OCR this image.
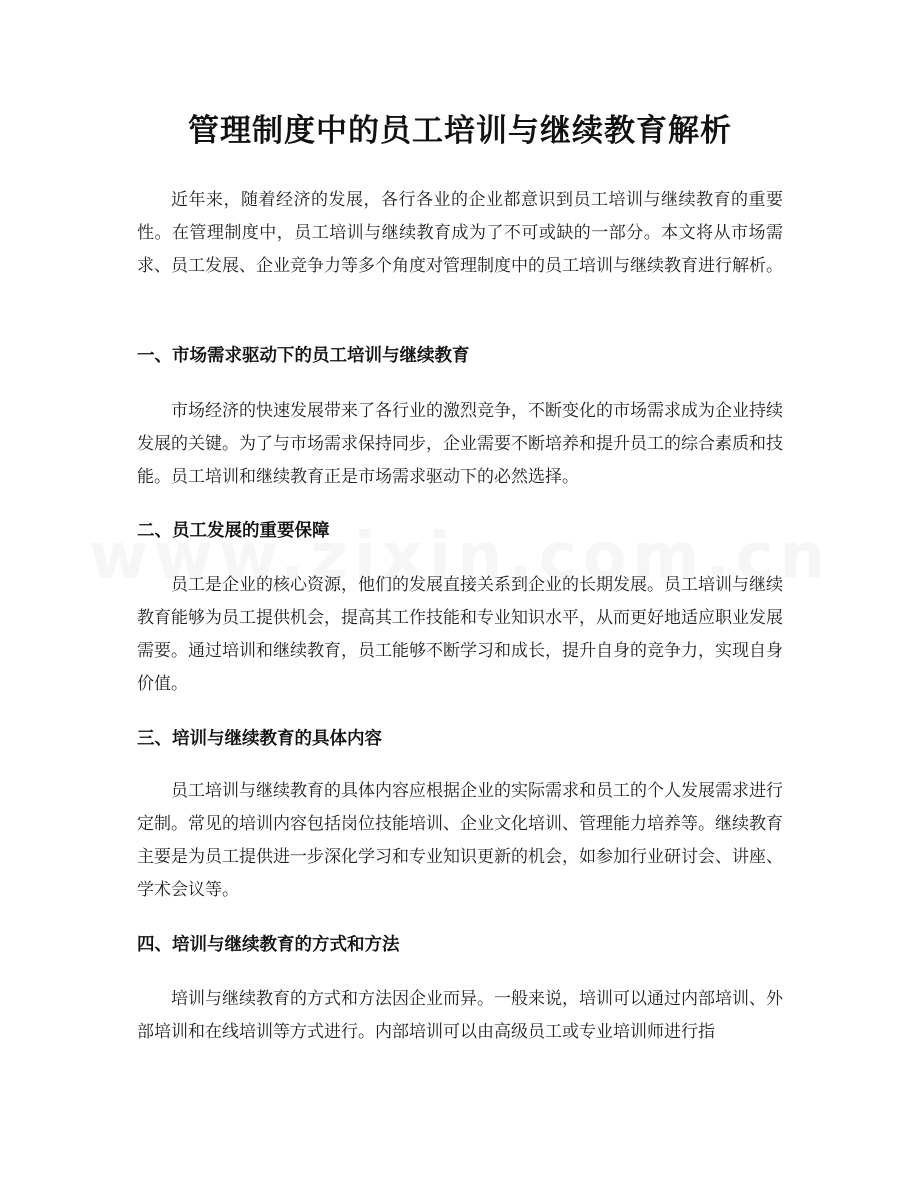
管理制度中的员工培训与继续教育解析

近年来，随着经济的发展，各行各业的企业都意识到员工培训与继续教育的重要性。在管理制度中，员工培训与继续教育成为了不可或缺的一部分。本文将从市场需求、员工发展、企业竞争力等多个角度对管理制度中的员工培训与继续教育进行解析。

一、市场需求驱动下的员工培训与继续教育

市场经济的快速发展带来了各行业的激烈竞争，不断变化的市场需求成为企业持续发展的关键。为了与市场需求保持同步，企业需要不断培养和提升员工的综合素质和技能。员工培训和继续教育正是市场需求驱动下的必然选择。

二、员工发展的重要保障

员工是企业的核心资源，他们的发展直接关系到企业的长期发展。员工培训与继续教育能够为员工提供机会，提高其工作技能和专业知识水平，从而更好地适应职业发展需要。通过培训和继续教育，员工能够不断学习和成长，提升自身的竞争力，实现自身价值。

三、培训与继续教育的具体内容

员工培训与继续教育的具体内容应根据企业的实际需求和员工的个人发展需求进行定制。常见的培训内容包括岗位技能培训、企业文化培训、管理能力培养等。继续教育主要是为员工提供进一步深化学习和专业知识更新的机会，如参加行业研讨会、讲座、学术会议等。

四、培训与继续教育的方式和方法

培训与继续教育的方式和方法因企业而异。一般来说，培训可以通过内部培训、外部培训和在线培训等方式进行。内部培训可以由高级员工或专业培训师进行指
